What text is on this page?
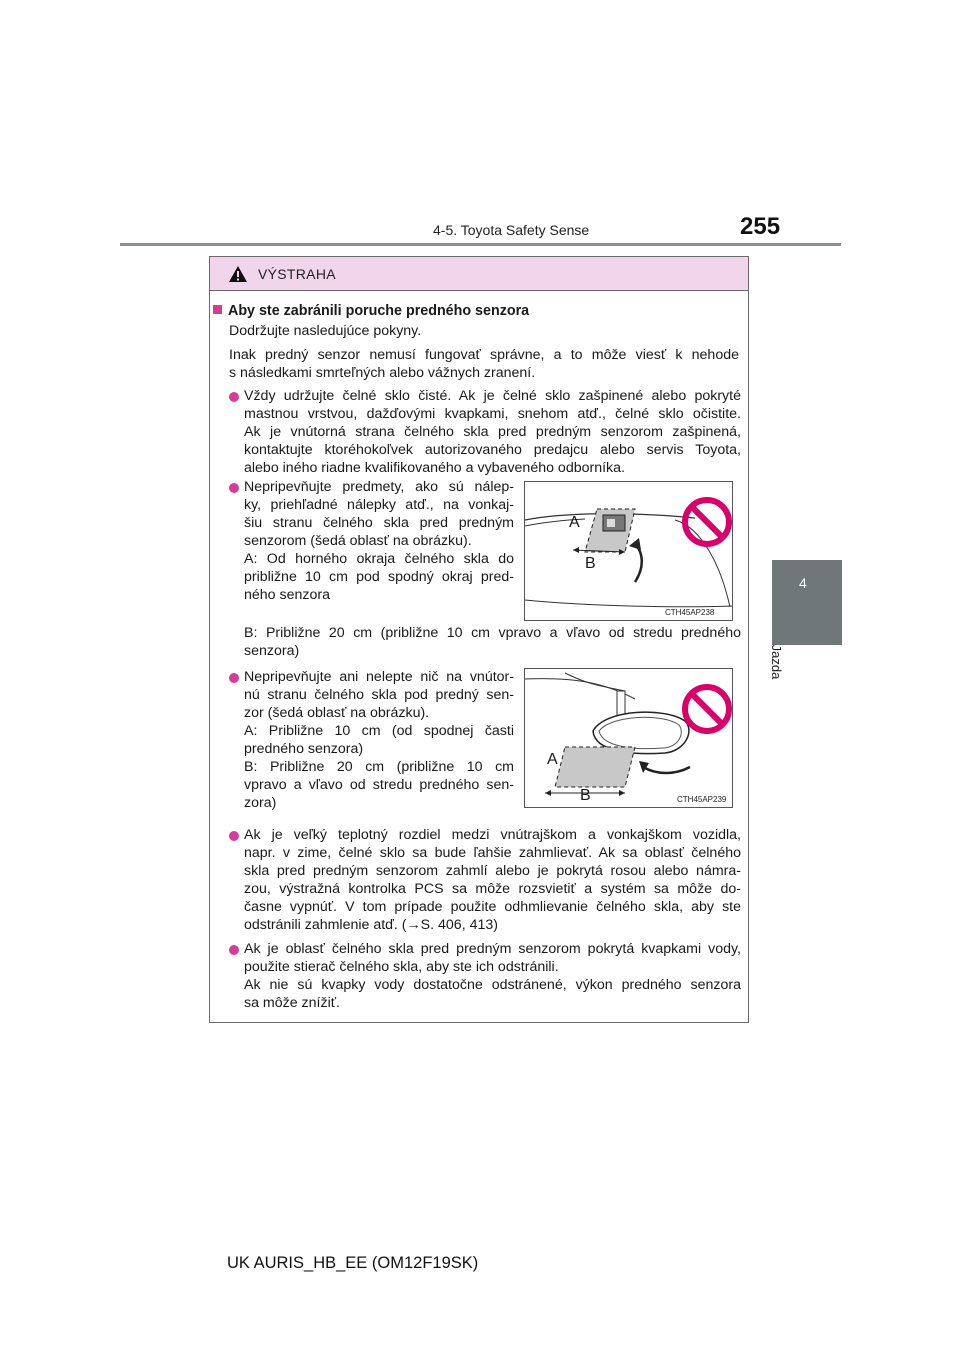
4-5. Toyota Safety Sense	255
4
Jazda
VÝSTRAHA
Aby ste zabránili poruche predného senzora
Dodržujte nasledujúce pokyny.
Inak predný senzor nemusí fungovať správne, a to môže viesť k nehode
s následkami smrteľných alebo vážnych zranení.
Vždy udržujte čelné sklo čisté. Ak je čelné sklo zašpinené alebo pokryté
mastnou vrstvou, dažďovými kvapkami, snehom atď., čelné sklo očistite.
Ak je vnútorná strana čelného skla pred predným senzorom zašpinená,
kontaktujte ktoréhokoľvek autorizovaného predajcu alebo servis Toyota,
alebo iného riadne kvalifikovaného a vybaveného odborníka.
Nepripevňujte predmety, ako sú nálep-
ky, priehľadné nálepky atď., na vonkaj-
šiu stranu čelného skla pred predným
senzorom (šedá oblasť na obrázku).
A: Od horného okraja čelného skla do
približne 10 cm pod spodný okraj pred-
ného senzora
B: Približne 20 cm (približne 10 cm vpravo a vľavo od stredu predného
senzora)
A
B
CTH45AP238
Nepripevňujte ani nelepte nič na vnútor-
nú stranu čelného skla pod predný sen-
zor (šedá oblasť na obrázku).
A: Približne 10 cm (od spodnej časti
predného senzora)
B: Približne 20 cm (približne 10 cm
vpravo a vľavo od stredu predného sen-
zora)
A
B	CTH45AP239
Ak je veľký teplotný rozdiel medzi vnútrajškom a vonkajškom vozidla,
napr. v zime, čelné sklo sa bude ľahšie zahmlievať. Ak sa oblasť čelného
skla pred predným senzorom zahmlí alebo je pokrytá rosou alebo námra-
zou, výstražná kontrolka PCS sa môže rozsvietiť a systém sa môže do-
časne vypnúť. V tom prípade použite odhmlievanie čelného skla, aby ste
odstránili zahmlenie atď. (→S. 406, 413)
Ak je oblasť čelného skla pred predným senzorom pokrytá kvapkami vody,
použite stierač čelného skla, aby ste ich odstránili.
Ak nie sú kvapky vody dostatočne odstránené, výkon predného senzora
sa môže znížiť.
UK AURIS_HB_EE (OM12F19SK)
